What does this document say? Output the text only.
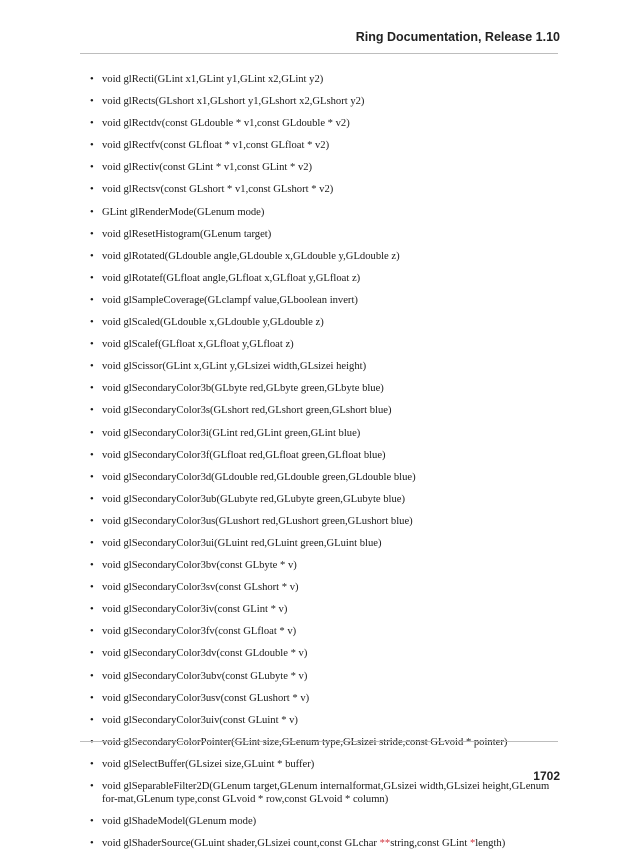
Ring Documentation, Release 1.10
• void glRecti(GLint x1,GLint y1,GLint x2,GLint y2)
• void glRects(GLshort x1,GLshort y1,GLshort x2,GLshort y2)
• void glRectdv(const GLdouble * v1,const GLdouble * v2)
• void glRectfv(const GLfloat * v1,const GLfloat * v2)
• void glRectiv(const GLint * v1,const GLint * v2)
• void glRectsv(const GLshort * v1,const GLshort * v2)
• GLint glRenderMode(GLenum mode)
• void glResetHistogram(GLenum target)
• void glRotated(GLdouble angle,GLdouble x,GLdouble y,GLdouble z)
• void glRotatef(GLfloat angle,GLfloat x,GLfloat y,GLfloat z)
• void glSampleCoverage(GLclampf value,GLboolean invert)
• void glScaled(GLdouble x,GLdouble y,GLdouble z)
• void glScalef(GLfloat x,GLfloat y,GLfloat z)
• void glScissor(GLint x,GLint y,GLsizei width,GLsizei height)
• void glSecondaryColor3b(GLbyte red,GLbyte green,GLbyte blue)
• void glSecondaryColor3s(GLshort red,GLshort green,GLshort blue)
• void glSecondaryColor3i(GLint red,GLint green,GLint blue)
• void glSecondaryColor3f(GLfloat red,GLfloat green,GLfloat blue)
• void glSecondaryColor3d(GLdouble red,GLdouble green,GLdouble blue)
• void glSecondaryColor3ub(GLubyte red,GLubyte green,GLubyte blue)
• void glSecondaryColor3us(GLushort red,GLushort green,GLushort blue)
• void glSecondaryColor3ui(GLuint red,GLuint green,GLuint blue)
• void glSecondaryColor3bv(const GLbyte * v)
• void glSecondaryColor3sv(const GLshort * v)
• void glSecondaryColor3iv(const GLint * v)
• void glSecondaryColor3fv(const GLfloat * v)
• void glSecondaryColor3dv(const GLdouble * v)
• void glSecondaryColor3ubv(const GLubyte * v)
• void glSecondaryColor3usv(const GLushort * v)
• void glSecondaryColor3uiv(const GLuint * v)
• void glSecondaryColorPointer(GLint size,GLenum type,GLsizei stride,const GLvoid * pointer)
• void glSelectBuffer(GLsizei size,GLuint * buffer)
• void glSeparableFilter2D(GLenum target,GLenum internalformat,GLsizei width,GLsizei height,GLenum for-mat,GLenum type,const GLvoid * row,const GLvoid * column)
• void glShadeModel(GLenum mode)
• void glShaderSource(GLuint shader,GLsizei count,const GLchar **string,const GLint *length)
1702
